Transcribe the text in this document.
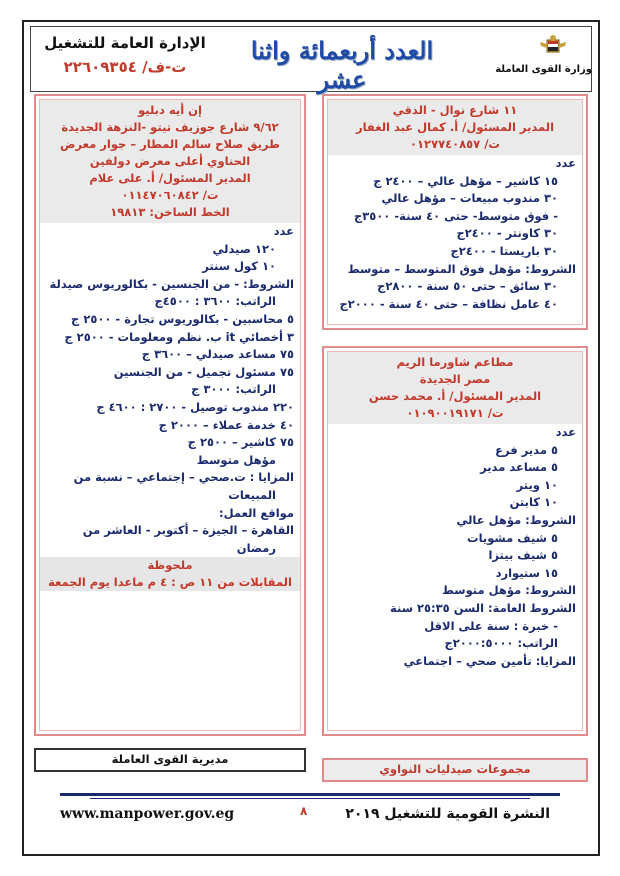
وزارة القوى العاملة
العدد أربعمائة واثنا عشر
الإدارة العامة للتشغيل
ت-ف/ ٢٢٦٠٩٣٥٤
١١ شارع نوال - الدقي
المدير المسئول/ أ. كمال عبد الغفار
ت/ ٠١٢٧٧٤٠٨٥٧
عدد
١٥ كاشير – مؤهل عالي – ٢٤٠٠ ج
٣٠ مندوب مبيعات – مؤهل عالي
- فوق متوسط- حتى ٤٠ سنة- ٣٥٠٠ج
٣٠ كاونتر - ٢٤٠٠ج
٣٠ باريستا - ٢٤٠٠ج
الشروط: مؤهل فوق المتوسط – متوسط
٣٠ سائق – حتى ٥٠ سنة - ٢٨٠٠ج
٤٠ عامل نظافة – حتى ٤٠ سنة - ٢٠٠٠ج
مطاعم شاورما الريم
مصر الجديدة
المدير المسئول/ أ. محمد حسن
ت/ ٠١٠٩٠٠١٩١٧١
عدد
٥ مدير فرع
٥ مساعد مدير
١٠ ويتر
١٠ كابتن
الشروط: مؤهل عالي
٥ شيف مشويات
٥ شيف بيتزا
١٥ ستيوارد
الشروط: مؤهل متوسط
الشروط العامة: السن ٢٥:٣٥ سنة
- خبرة : سنة على الاقل
الراتب: ٢٠٠٠:٥٠٠٠ج
المزايا: تأمين صحي – اجتماعي
إن أيه دبليو
٩/٦٢ شارع جوزيف تيتو -النزهة الجديدة
طريق صلاح سالم المطار – جوار معرض
الحناوي أعلى معرض دولفين
المدير المسئول/ أ. على علام
ت/ ٠١١٤٧٠٦٠٨٤٢
الخط الساخن: ١٩٨١٣
عدد
١٢٠ صيدلي
١٠ كول سنتر
الشروط: - من الجنسين - بكالوريوس صيدلة
الراتب: ٣٦٠٠ : ٤٥٠٠ج
٥ محاسبين - بكالوريوس تجارة - ٢٥٠٠ ج
٣ أخصائي it ب. نظم ومعلومات - ٢٥٠٠ ج
٧٥ مساعد صيدلي – ٣٦٠٠ ج
٧٥ مسئول تجميل - من الجنسين
الراتب: ٣٠٠٠ ج
٢٢٠ مندوب توصيل - ٢٧٠٠ : ٤٦٠٠ ج
٤٠ خدمة عملاء – ٢٠٠٠ ج
٧٥ كاشير – ٢٥٠٠ ج
مؤهل متوسط
المزايا : ت.صحي – إجتماعي – نسبة من
المبيعات
مواقع العمل:
القاهرة – الجيزة – أكتوبر - العاشر من
رمضان
ملحوظة
المقابلات من ١١ ص : ٤ م ماعدا يوم الجمعة
مديرية القوى العاملة
مجموعات صيدليات النواوي
www.manpower.gov.eg	٨	النشرة القومية للتشغيل ٢٠١٩
